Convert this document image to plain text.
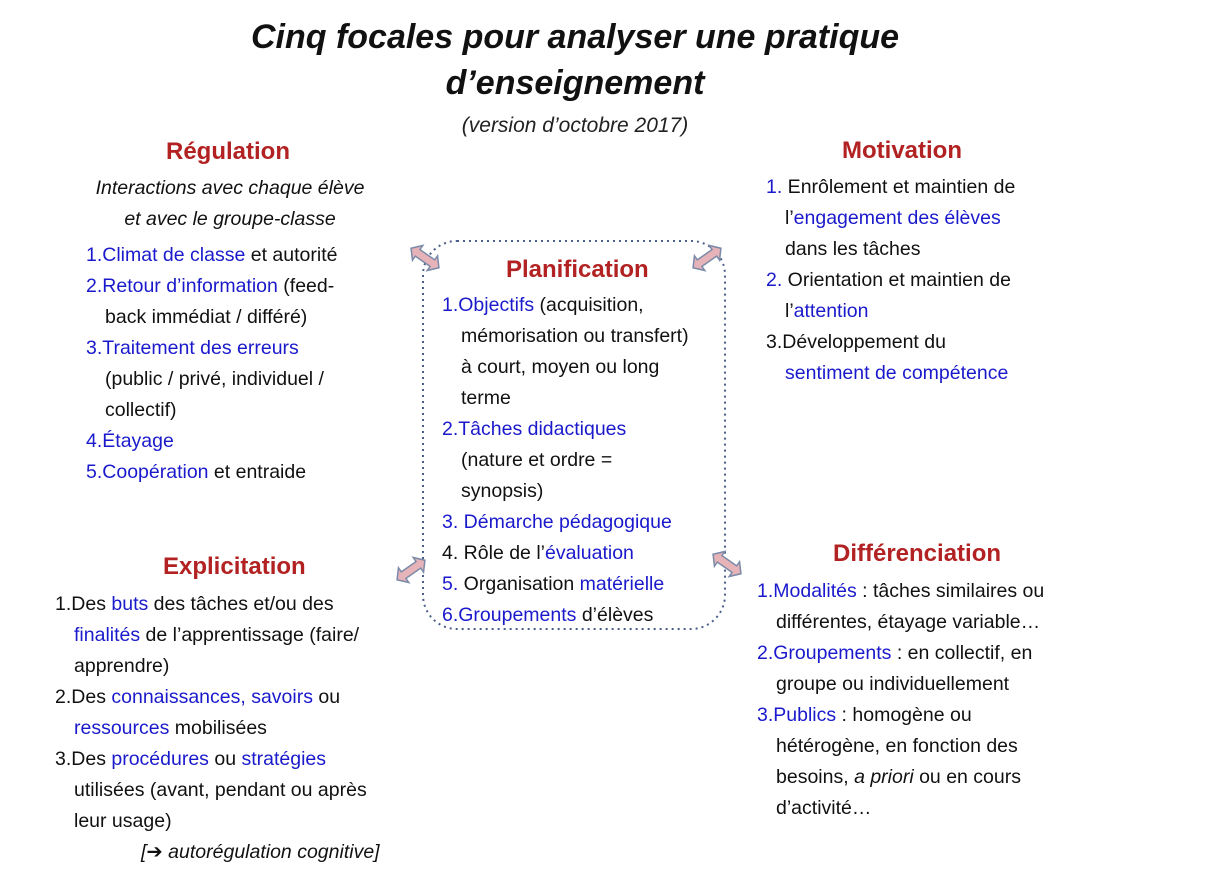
Cinq focales pour analyser une pratique
d’enseignement
(version d’octobre 2017)
Régulation
Interactions avec chaque élève
et avec le groupe-classe
1.Climat de classe et autorité
2.Retour d’information (feed-
back immédiat / différé)
3.Traitement des erreurs
(public / privé, individuel /
collectif)
4.Étayage
5.Coopération et entraide
Motivation
1. Enrôlement et maintien de
l’engagement des élèves
dans les tâches
2. Orientation et maintien de
l’attention
3.Développement du
sentiment de compétence
Planification
1.Objectifs (acquisition,
mémorisation ou transfert)
à court, moyen ou long
terme
2.Tâches didactiques
(nature et ordre =
synopsis)
3. Démarche pédagogique
4. Rôle de l’évaluation
5. Organisation matérielle
6.Groupements d’élèves
Explicitation
1.Des buts des tâches et/ou des
finalités de l’apprentissage (faire/
apprendre)
2.Des connaissances, savoirs ou
ressources mobilisées
3.Des procédures ou stratégies
utilisées (avant, pendant ou après
leur usage)
[➔ autorégulation cognitive]
Différenciation
1.Modalités : tâches similaires ou
différentes, étayage variable…
2.Groupements : en collectif, en
groupe ou individuellement
3.Publics : homogène ou
hétérogène, en fonction des
besoins, a priori ou en cours
d’activité…
